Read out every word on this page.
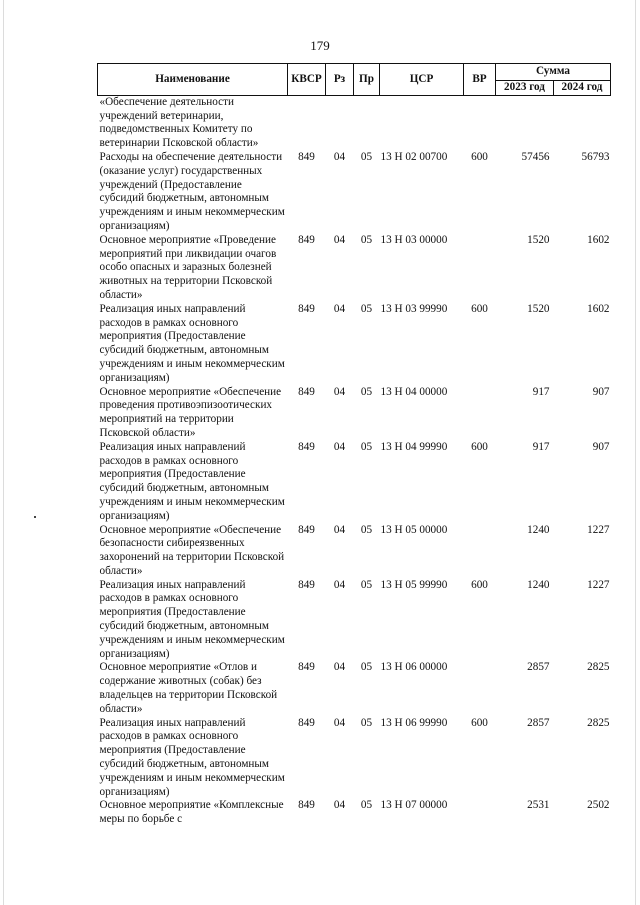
179
Наименование	КВСР	Рз	Пр	ЦСР	ВР	Сумма	
						2023 год	2024 год
«Обеспечение деятельности учреждений ветеринарии, подведомственных Комитету по ветеринарии Псковской области»							
Расходы на обеспечение деятельности (оказание услуг) государственных учреждений (Предоставление субсидий бюджетным, автономным учреждениям и иным некоммерческим организациям)	849	04	05	13 Н 02 00700	600	57456	56793
Основное мероприятие «Проведение мероприятий при ликвидации очагов особо опасных и заразных болезней животных на территории Псковской области»	849	04	05	13 Н 03 00000		1520	1602
Реализация иных направлений расходов в рамках основного мероприятия (Предоставление субсидий бюджетным, автономным учреждениям и иным некоммерческим организациям)	849	04	05	13 Н 03 99990	600	1520	1602
Основное мероприятие «Обеспечение проведения противоэпизоотических мероприятий на территории Псковской области»	849	04	05	13 Н 04 00000		917	907
Реализация иных направлений расходов в рамках основного мероприятия (Предоставление субсидий бюджетным, автономным учреждениям и иным некоммерческим организациям)	849	04	05	13 Н 04 99990	600	917	907
Основное мероприятие «Обеспечение безопасности сибиреязвенных захоронений на территории Псковской области»	849	04	05	13 Н 05 00000		1240	1227
Реализация иных направлений расходов в рамках основного мероприятия (Предоставление субсидий бюджетным, автономным учреждениям и иным некоммерческим организациям)	849	04	05	13 Н 05 99990	600	1240	1227
Основное мероприятие «Отлов и содержание животных (собак) без владельцев на территории Псковской области»	849	04	05	13 Н 06 00000		2857	2825
Реализация иных направлений расходов в рамках основного мероприятия (Предоставление субсидий бюджетным, автономным учреждениям и иным некоммерческим организациям)	849	04	05	13 Н 06 99990	600	2857	2825
Основное мероприятие «Комплексные меры по борьбе с	849	04	05	13 Н 07 00000		2531	2502
